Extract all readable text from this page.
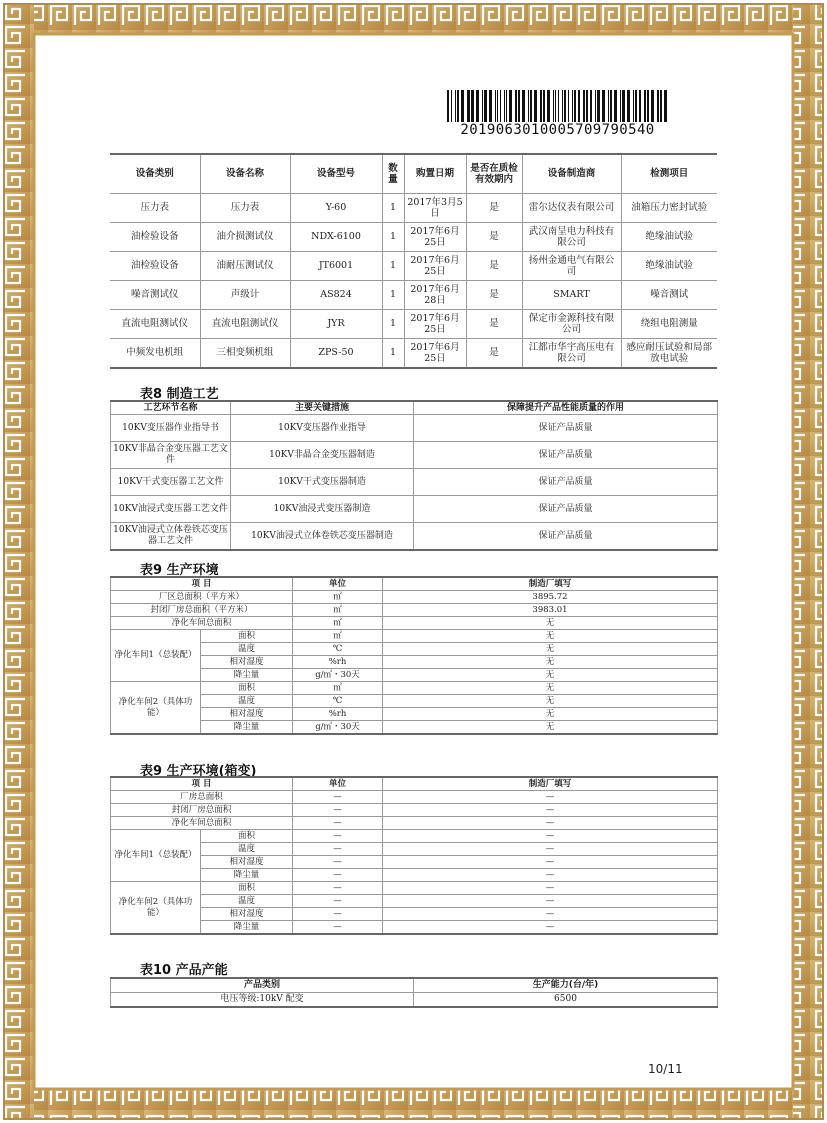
2019063010005709790540
设备类别	设备名称	设备型号	数量	购置日期	是否在质检有效期内	设备制造商	检测项目
压力表	压力表	Y-60	1	2017年3月5日	是	雷尔达仪表有限公司	油箱压力密封试验
油检验设备	油介损测试仪	NDX-6100	1	2017年6月25日	是	武汉南呈电力科技有限公司	绝缘油试验
油检验设备	油耐压测试仪	JT6001	1	2017年6月25日	是	扬州金通电气有限公司	绝缘油试验
噪音测试仪	声级计	AS824	1	2017年6月28日	是	SMART	噪音测试
直流电阻测试仪	直流电阻测试仪	JYR	1	2017年6月25日	是	保定市金源科技有限公司	绕组电阻测量
中频发电机组	三相变频机组	ZPS-50	1	2017年6月25日	是	江都市华宇高压电有限公司	感应耐压试验和局部放电试验
表8 制造工艺
工艺环节名称	主要关键措施	保障提升产品性能质量的作用
10KV变压器作业指导书	10KV变压器作业指导	保证产品质量
10KV非晶合金变压器工艺文件	10KV非晶合金变压器制造	保证产品质量
10KV干式变压器工艺文件	10KV干式变压器制造	保证产品质量
10KV油浸式变压器工艺文件	10KV油浸式变压器制造	保证产品质量
10KV油浸式立体卷铁芯变压器工艺文件	10KV油浸式立体卷铁芯变压器制造	保证产品质量
表9 生产环境
项 目		单位	制造厂填写
厂区总面积（平方米）		㎡	3895.72
封闭厂房总面积（平方米）		㎡	3983.01
净化车间总面积		㎡	无
净化车间1（总装配）	面积	㎡	无
	温度	℃	无
	相对湿度	%rh	无
	降尘量	g/㎡・30天	无
净化车间2（具体功能）	面积	㎡	无
	温度	℃	无
	相对湿度	%rh	无
	降尘量	g/㎡・30天	无
表9 生产环境(箱变)
项 目		单位	制造厂填写
厂房总面积		—	—
封闭厂房总面积		—	—
净化车间总面积		—	—
净化车间1（总装配）	面积	—	—
	温度	—	—
	相对湿度	—	—
	降尘量	—	—
净化车间2（具体功能）	面积	—	—
	温度	—	—
	相对湿度	—	—
	降尘量	—	—
表10 产品产能
产品类别	生产能力(台/年)
电压等级:10kV 配变	6500
10/11
